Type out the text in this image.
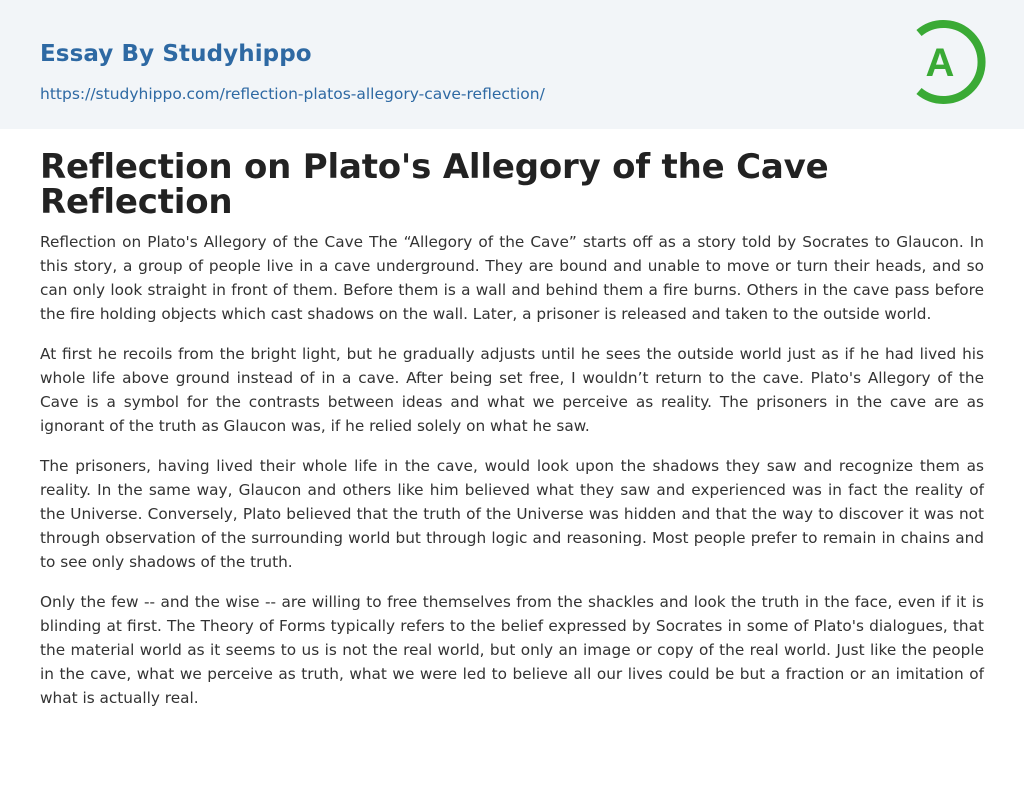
Essay By Studyhippo
https://studyhippo.com/reflection-platos-allegory-cave-reflection/
A
Reflection on Plato's Allegory of the Cave Reflection

Reflection on Plato's Allegory of the Cave The “Allegory of the Cave” starts off as a story told by Socrates to Glaucon. In this story, a group of people live in a cave underground. They are bound and unable to move or turn their heads, and so can only look straight in front of them. Before them is a wall and behind them a fire burns. Others in the cave pass before the fire holding objects which cast shadows on the wall. Later, a prisoner is released and taken to the outside world.

At first he recoils from the bright light, but he gradually adjusts until he sees the outside world just as if he had lived his whole life above ground instead of in a cave. After being set free, I wouldn’t return to the cave. Plato's Allegory of the Cave is a symbol for the contrasts between ideas and what we perceive as reality. The prisoners in the cave are as ignorant of the truth as Glaucon was, if he relied solely on what he saw.

The prisoners, having lived their whole life in the cave, would look upon the shadows they saw and recognize them as reality. In the same way, Glaucon and others like him believed what they saw and experienced was in fact the reality of the Universe. Conversely, Plato believed that the truth of the Universe was hidden and that the way to discover it was not through observation of the surrounding world but through logic and reasoning. Most people prefer to remain in chains and to see only shadows of the truth.

Only the few -- and the wise -- are willing to free themselves from the shackles and look the truth in the face, even if it is blinding at first. The Theory of Forms typically refers to the belief expressed by Socrates in some of Plato's dialogues, that the material world as it seems to us is not the real world, but only an image or copy of the real world. Just like the people in the cave, what we perceive as truth, what we were led to believe all our lives could be but a fraction or an imitation of what is actually real.
